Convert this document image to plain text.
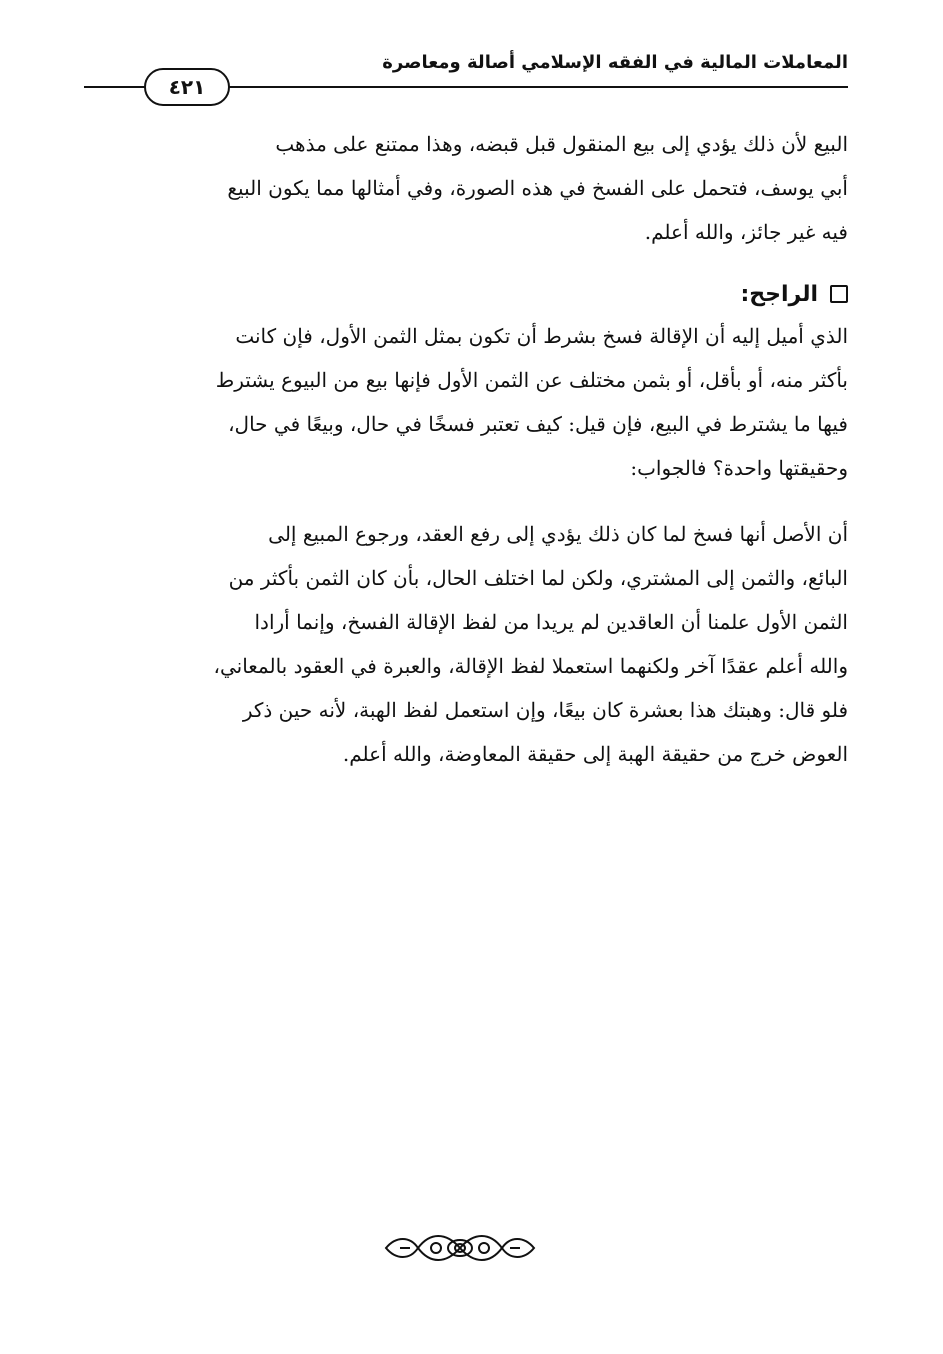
المعاملات المالية في الفقه الإسلامي أصالة ومعاصرة
٤٢١
البيع لأن ذلك يؤدي إلى بيع المنقول قبل قبضه، وهذا ممتنع على مذهب
أبي يوسف، فتحمل على الفسخ في هذه الصورة، وفي أمثالها مما يكون البيع
فيه غير جائز، والله أعلم.
الراجح:
الذي أميل إليه أن الإقالة فسخ بشرط أن تكون بمثل الثمن الأول، فإن كانت
بأكثر منه، أو بأقل، أو بثمن مختلف عن الثمن الأول فإنها بيع من البيوع يشترط
فيها ما يشترط في البيع، فإن قيل: كيف تعتبر فسخًا في حال، وبيعًا في حال،
وحقيقتها واحدة؟ فالجواب:
أن الأصل أنها فسخ لما كان ذلك يؤدي إلى رفع العقد، ورجوع المبيع إلى
البائع، والثمن إلى المشتري، ولكن لما اختلف الحال، بأن كان الثمن بأكثر من
الثمن الأول علمنا أن العاقدين لم يريدا من لفظ الإقالة الفسخ، وإنما أرادا
والله أعلم عقدًا آخر ولكنهما استعملا لفظ الإقالة، والعبرة في العقود بالمعاني،
فلو قال: وهبتك هذا بعشرة كان بيعًا، وإن استعمل لفظ الهبة، لأنه حين ذكر
العوض خرج من حقيقة الهبة إلى حقيقة المعاوضة، والله أعلم.
